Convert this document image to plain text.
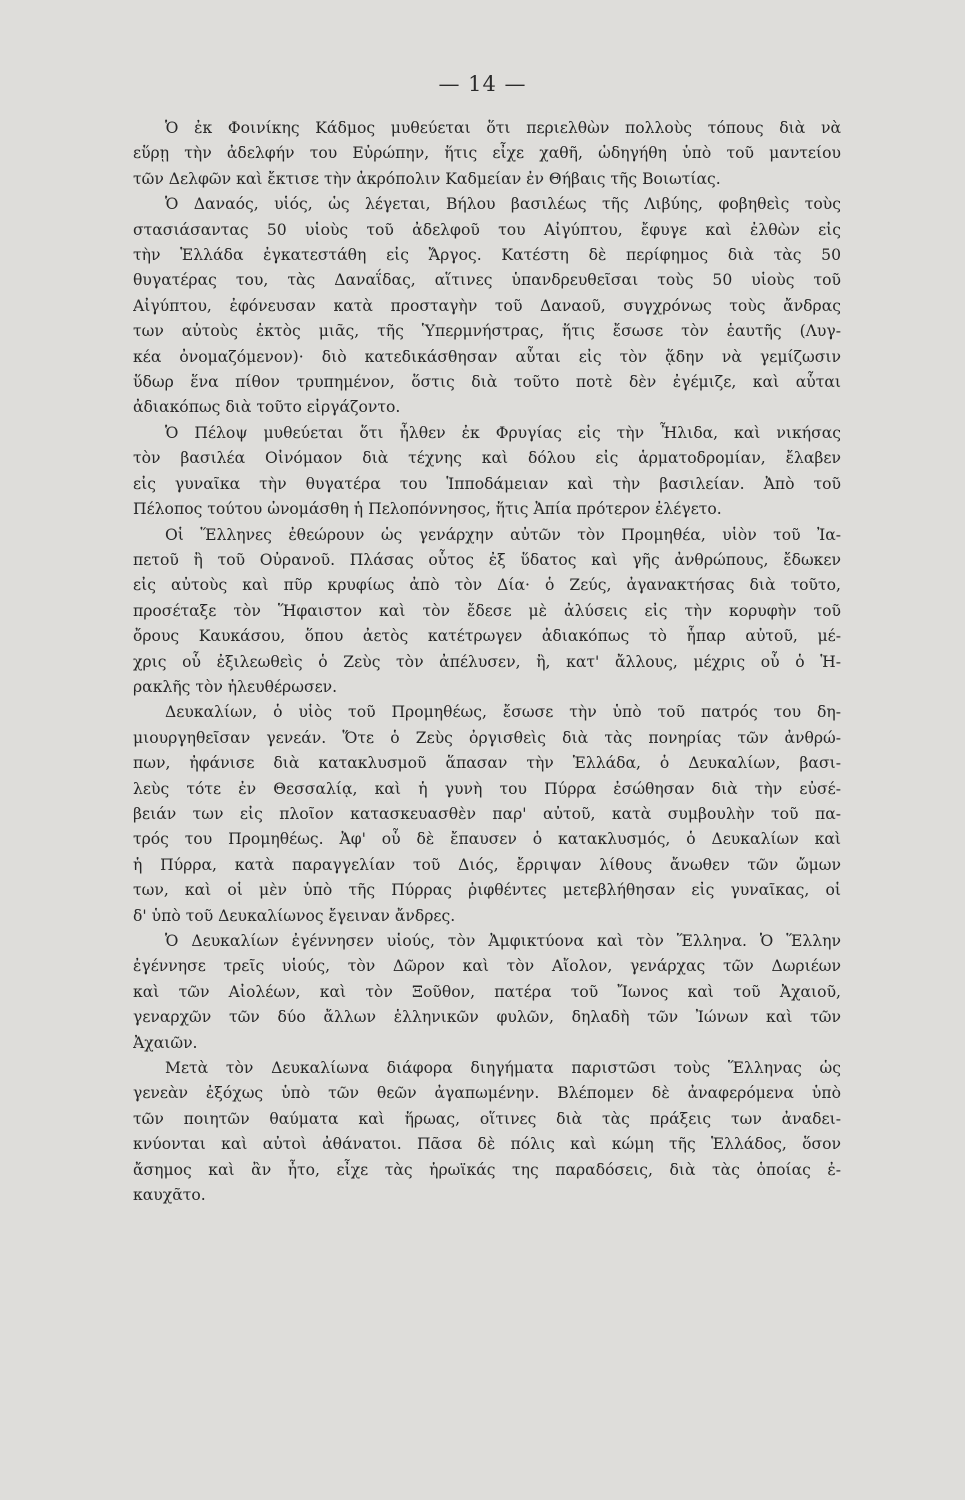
— 14 —
Ὁ ἐκ Φοινίκης Κάδμος μυθεύεται ὅτι περιελθὼν πολλοὺς τόπους διὰ νὰ
εὕρῃ τὴν ἀδελφήν του Εὐρώπην, ἥτις εἶχε χαθῆ, ὡδηγήθη ὑπὸ τοῦ μαντείου
τῶν Δελφῶν καὶ ἔκτισε τὴν ἀκρόπολιν Καδμείαν ἐν Θήβαις τῆς Βοιωτίας.
Ὁ Δαναός, υἱός, ὡς λέγεται, Βήλου βασιλέως τῆς Λιβύης, φοβηθεὶς τοὺς
στασιάσαντας 50 υἱοὺς τοῦ ἀδελφοῦ του Αἰγύπτου, ἔφυγε καὶ ἐλθὼν εἰς
τὴν Ἑλλάδα ἐγκατεστάθη εἰς Ἄργος. Κατέστη δὲ περίφημος διὰ τὰς 50
θυγατέρας του, τὰς Δαναΐδας, αἵτινες ὑπανδρευθεῖσαι τοὺς 50 υἱοὺς τοῦ
Αἰγύπτου, ἐφόνευσαν κατὰ προσταγὴν τοῦ Δαναοῦ, συγχρόνως τοὺς ἄνδρας
των αὐτοὺς ἐκτὸς μιᾶς, τῆς Ὑπερμνήστρας, ἥτις ἔσωσε τὸν ἑαυτῆς (Λυγ-
κέα ὀνομαζόμενον)· διὸ κατεδικάσθησαν αὗται εἰς τὸν ᾅδην νὰ γεμίζωσιν
ὕδωρ ἕνα πίθον τρυπημένον, ὅστις διὰ τοῦτο ποτὲ δὲν ἐγέμιζε, καὶ αὗται
ἀδιακόπως διὰ τοῦτο εἰργάζοντο.
Ὁ Πέλοψ μυθεύεται ὅτι ἦλθεν ἐκ Φρυγίας εἰς τὴν Ἦλιδα, καὶ νικήσας
τὸν βασιλέα Οἰνόμαον διὰ τέχνης καὶ δόλου εἰς ἁρματοδρομίαν, ἔλαβεν
εἰς γυναῖκα τὴν θυγατέρα του Ἱπποδάμειαν καὶ τὴν βασιλείαν. Ἀπὸ τοῦ
Πέλοπος τούτου ὠνομάσθη ἡ Πελοπόννησος, ἥτις Ἀπία πρότερον ἐλέγετο.
Οἱ Ἕλληνες ἐθεώρουν ὡς γενάρχην αὐτῶν τὸν Προμηθέα, υἱὸν τοῦ Ἰα-
πετοῦ ἢ τοῦ Οὐρανοῦ. Πλάσας οὗτος ἐξ ὕδατος καὶ γῆς ἀνθρώπους, ἔδωκεν
εἰς αὐτοὺς καὶ πῦρ κρυφίως ἀπὸ τὸν Δία· ὁ Ζεύς, ἀγανακτήσας διὰ τοῦτο,
προσέταξε τὸν Ἥφαιστον καὶ τὸν ἔδεσε μὲ ἀλύσεις εἰς τὴν κορυφὴν τοῦ
ὄρους Καυκάσου, ὅπου ἀετὸς κατέτρωγεν ἀδιακόπως τὸ ἧπαρ αὐτοῦ, μέ-
χρις οὗ ἐξιλεωθεὶς ὁ Ζεὺς τὸν ἀπέλυσεν, ἢ, κατ' ἄλλους, μέχρις οὗ ὁ Ἡ-
ρακλῆς τὸν ἠλευθέρωσεν.
Δευκαλίων, ὁ υἱὸς τοῦ Προμηθέως, ἔσωσε τὴν ὑπὸ τοῦ πατρός του δη-
μιουργηθεῖσαν γενεάν. Ὅτε ὁ Ζεὺς ὀργισθεὶς διὰ τὰς πονηρίας τῶν ἀνθρώ-
πων, ἠφάνισε διὰ κατακλυσμοῦ ἅπασαν τὴν Ἑλλάδα, ὁ Δευκαλίων, βασι-
λεὺς τότε ἐν Θεσσαλίᾳ, καὶ ἡ γυνὴ του Πύρρα ἐσώθησαν διὰ τὴν εὐσέ-
βειάν των εἰς πλοῖον κατασκευασθὲν παρ' αὐτοῦ, κατὰ συμβουλὴν τοῦ πα-
τρός του Προμηθέως. Ἀφ' οὗ δὲ ἔπαυσεν ὁ κατακλυσμός, ὁ Δευκαλίων καὶ
ἡ Πύρρα, κατὰ παραγγελίαν τοῦ Διός, ἔρριψαν λίθους ἄνωθεν τῶν ὤμων
των, καὶ οἱ μὲν ὑπὸ τῆς Πύρρας ῥιφθέντες μετεβλήθησαν εἰς γυναῖκας, οἱ
δ' ὑπὸ τοῦ Δευκαλίωνος ἔγειναν ἄνδρες.
Ὁ Δευκαλίων ἐγέννησεν υἱούς, τὸν Ἀμφικτύονα καὶ τὸν Ἕλληνα. Ὁ Ἕλλην
ἐγέννησε τρεῖς υἱούς, τὸν Δῶρον καὶ τὸν Αἴολον, γενάρχας τῶν Δωριέων
καὶ τῶν Αἰολέων, καὶ τὸν Ξοῦθον, πατέρα τοῦ Ἴωνος καὶ τοῦ Ἀχαιοῦ,
γεναρχῶν τῶν δύο ἄλλων ἑλληνικῶν φυλῶν, δηλαδὴ τῶν Ἰώνων καὶ τῶν
Ἀχαιῶν.
Μετὰ τὸν Δευκαλίωνα διάφορα διηγήματα παριστῶσι τοὺς Ἕλληνας ὡς
γενεὰν ἐξόχως ὑπὸ τῶν θεῶν ἀγαπωμένην. Βλέπομεν δὲ ἀναφερόμενα ὑπὸ
τῶν ποιητῶν θαύματα καὶ ἥρωας, οἵτινες διὰ τὰς πράξεις των ἀναδει-
κνύονται καὶ αὐτοὶ ἀθάνατοι. Πᾶσα δὲ πόλις καὶ κώμη τῆς Ἑλλάδος, ὅσον
ἄσημος καὶ ἂν ἦτο, εἶχε τὰς ἡρωϊκάς της παραδόσεις, διὰ τὰς ὁποίας ἐ-
καυχᾶτο.
